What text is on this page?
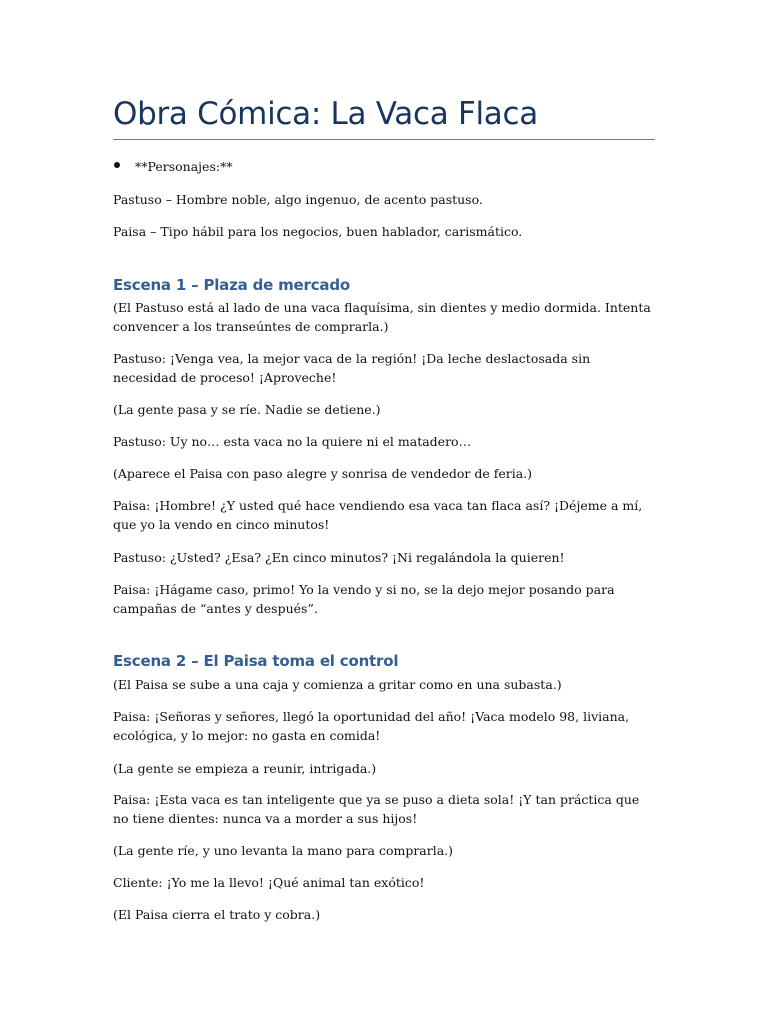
Obra Cómica: La Vaca Flaca
**Personajes:**

Pastuso – Hombre noble, algo ingenuo, de acento pastuso.

Paisa – Tipo hábil para los negocios, buen hablador, carismático.

Escena 1 – Plaza de mercado

(El Pastuso está al lado de una vaca flaquísima, sin dientes y medio dormida. Intenta convencer a los transeúntes de comprarla.)

Pastuso: ¡Venga vea, la mejor vaca de la región! ¡Da leche deslactosada sin necesidad de proceso! ¡Aproveche!

(La gente pasa y se ríe. Nadie se detiene.)

Pastuso: Uy no… esta vaca no la quiere ni el matadero…

(Aparece el Paisa con paso alegre y sonrisa de vendedor de feria.)

Paisa: ¡Hombre! ¿Y usted qué hace vendiendo esa vaca tan flaca así? ¡Déjeme a mí, que yo la vendo en cinco minutos!

Pastuso: ¿Usted? ¿Esa? ¿En cinco minutos? ¡Ni regalándola la quieren!

Paisa: ¡Hágame caso, primo! Yo la vendo y si no, se la dejo mejor posando para campañas de “antes y después”.

Escena 2 – El Paisa toma el control

(El Paisa se sube a una caja y comienza a gritar como en una subasta.)

Paisa: ¡Señoras y señores, llegó la oportunidad del año! ¡Vaca modelo 98, liviana, ecológica, y lo mejor: no gasta en comida!

(La gente se empieza a reunir, intrigada.)

Paisa: ¡Esta vaca es tan inteligente que ya se puso a dieta sola! ¡Y tan práctica que no tiene dientes: nunca va a morder a sus hijos!

(La gente ríe, y uno levanta la mano para comprarla.)

Cliente: ¡Yo me la llevo! ¡Qué animal tan exótico!

(El Paisa cierra el trato y cobra.)
